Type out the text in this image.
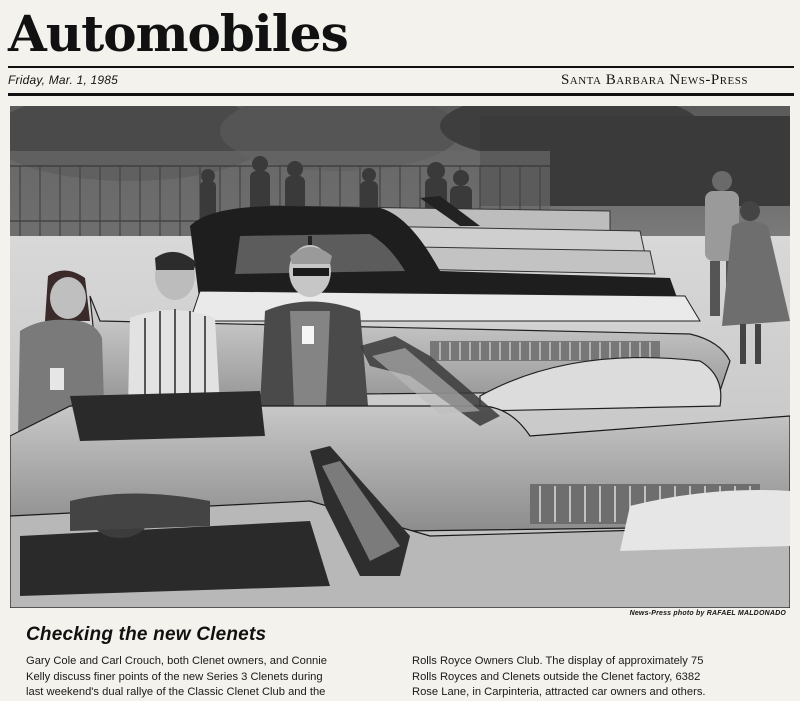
Automobiles
Friday, Mar. 1, 1985	Santa Barbara News-Press
News-Press photo by RAFAEL MALDONADO
Checking the new Clenets
Gary Cole and Carl Crouch, both Clenet owners, and Connie
Kelly discuss finer points of the new Series 3 Clenets during
last weekend's dual rallye of the Classic Clenet Club and the
Rolls Royce Owners Club. The display of approximately 75
Rolls Royces and Clenets outside the Clenet factory, 6382
Rose Lane, in Carpinteria, attracted car owners and others.
